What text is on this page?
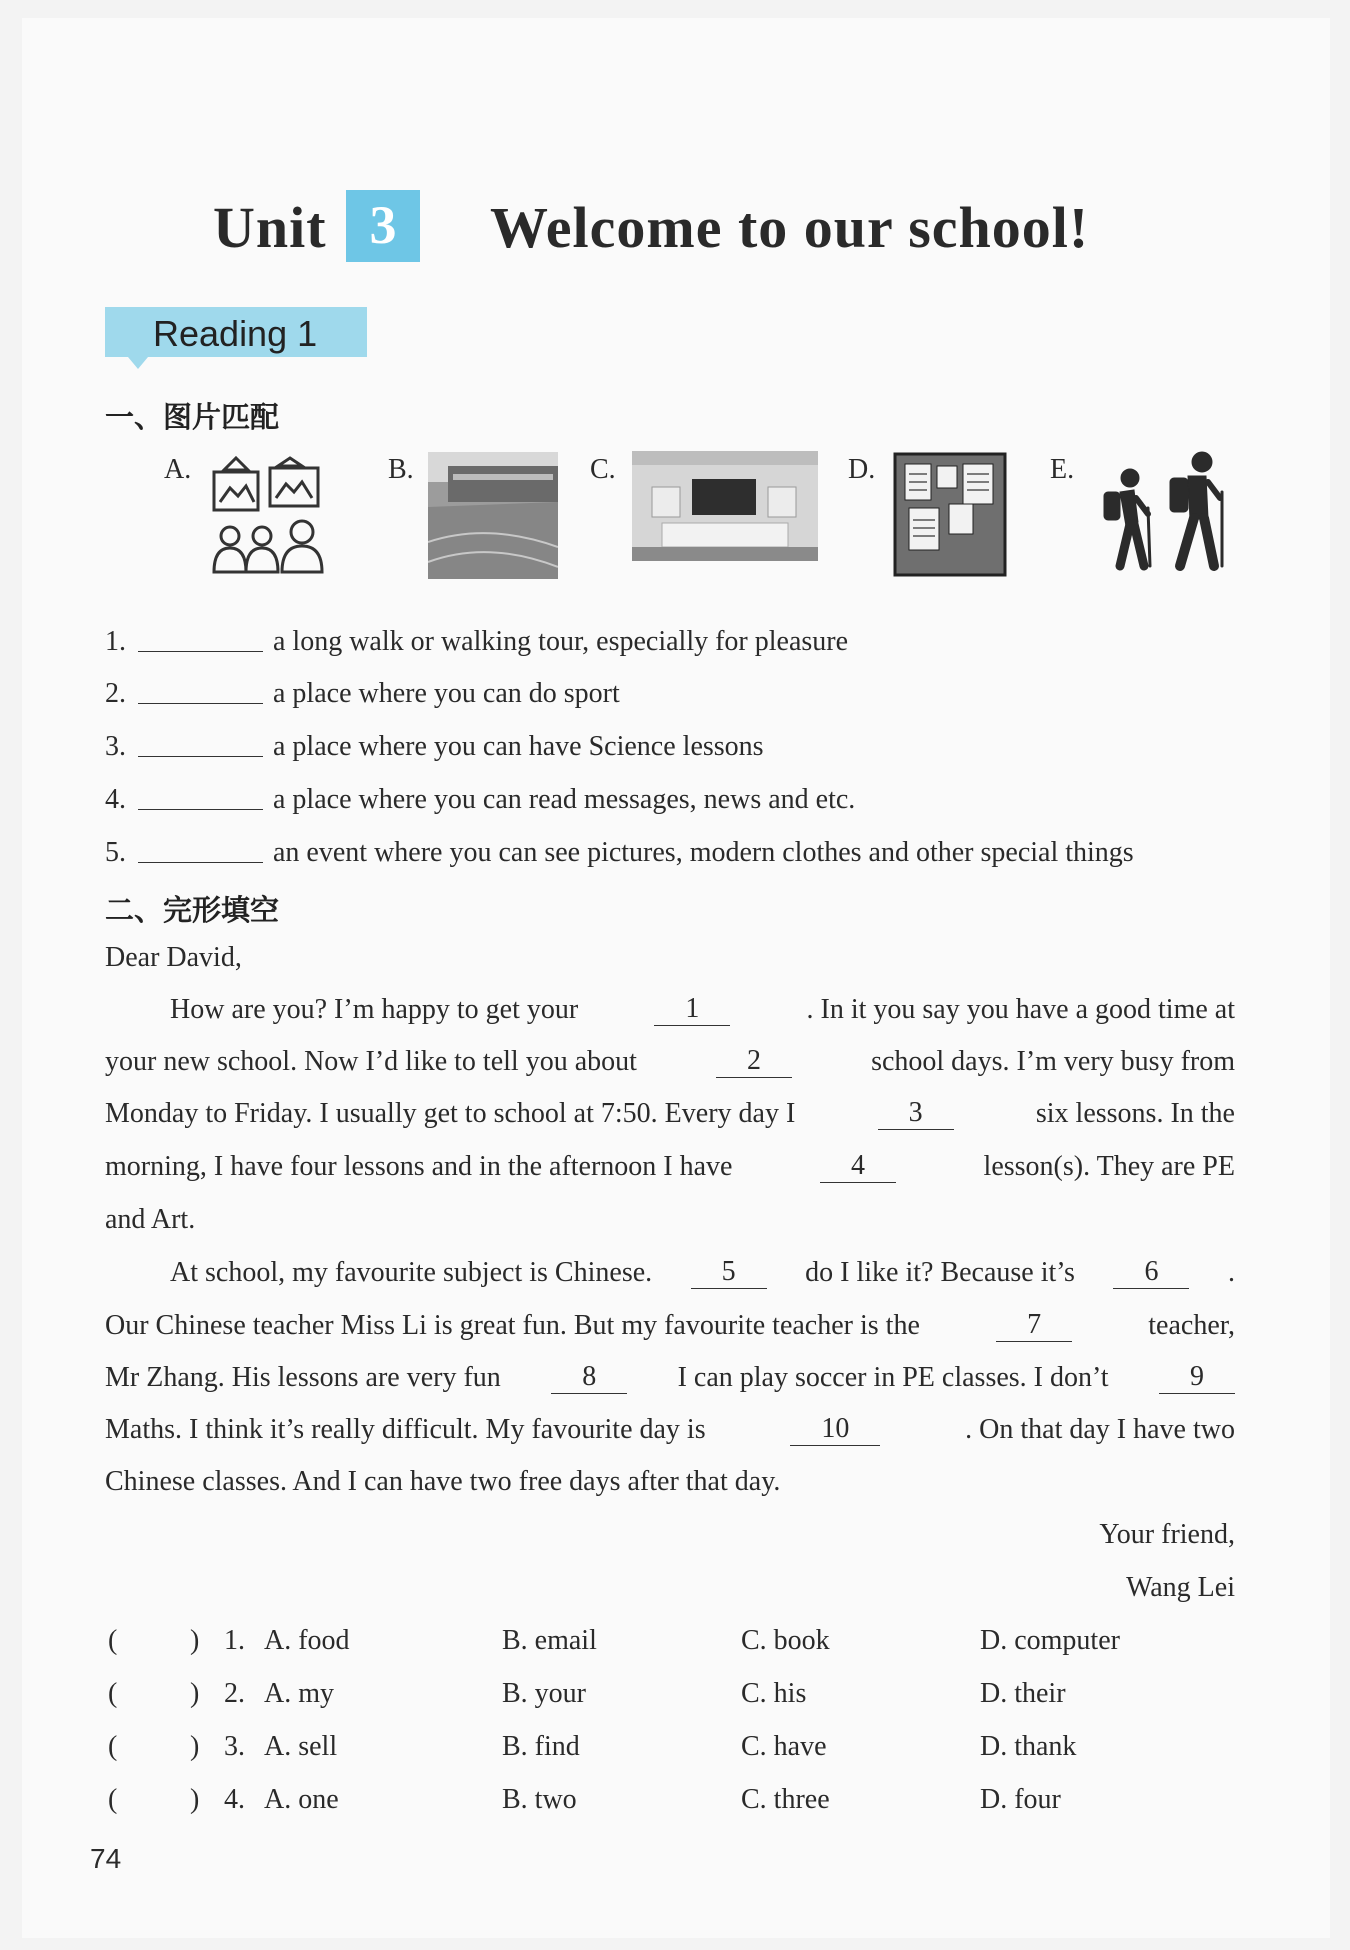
Unit 3	Welcome to our school!
Reading 1
一、图片匹配
A.	B.	C.	D.	E.
1.	a long walk or walking tour, especially for pleasure
2.	a place where you can do sport
3.	a place where you can have Science lessons
4.	a place where you can read messages, news and etc.
5.	an event where you can see pictures, modern clothes and other special things
二、完形填空
Dear David,
How are you? I’m happy to get your	1	. In it you say you have a good time at
your new school. Now I’d like to tell you about	2	school days. I’m very busy from
Monday to Friday. I usually get to school at 7:50. Every day I	3	six lessons. In the
morning, I have four lessons and in the afternoon I have	4	lesson(s). They are PE
and Art.
At school, my favourite subject is Chinese.	5	do I like it? Because it’s	6	.
Our Chinese teacher Miss Li is great fun. But my favourite teacher is the	7	teacher,
Mr Zhang. His lessons are very fun	8	I can play soccer in PE classes. I don’t	9
Maths. I think it’s really difficult. My favourite day is	10	. On that day I have two
Chinese classes. And I can have two free days after that day.
Your friend,
Wang Lei
(	) 1. A. food	B. email	C. book	D. computer
(	) 2. A. my	B. your	C. his	D. their
(	) 3. A. sell	B. find	C. have	D. thank
(	) 4. A. one	B. two	C. three	D. four
74
